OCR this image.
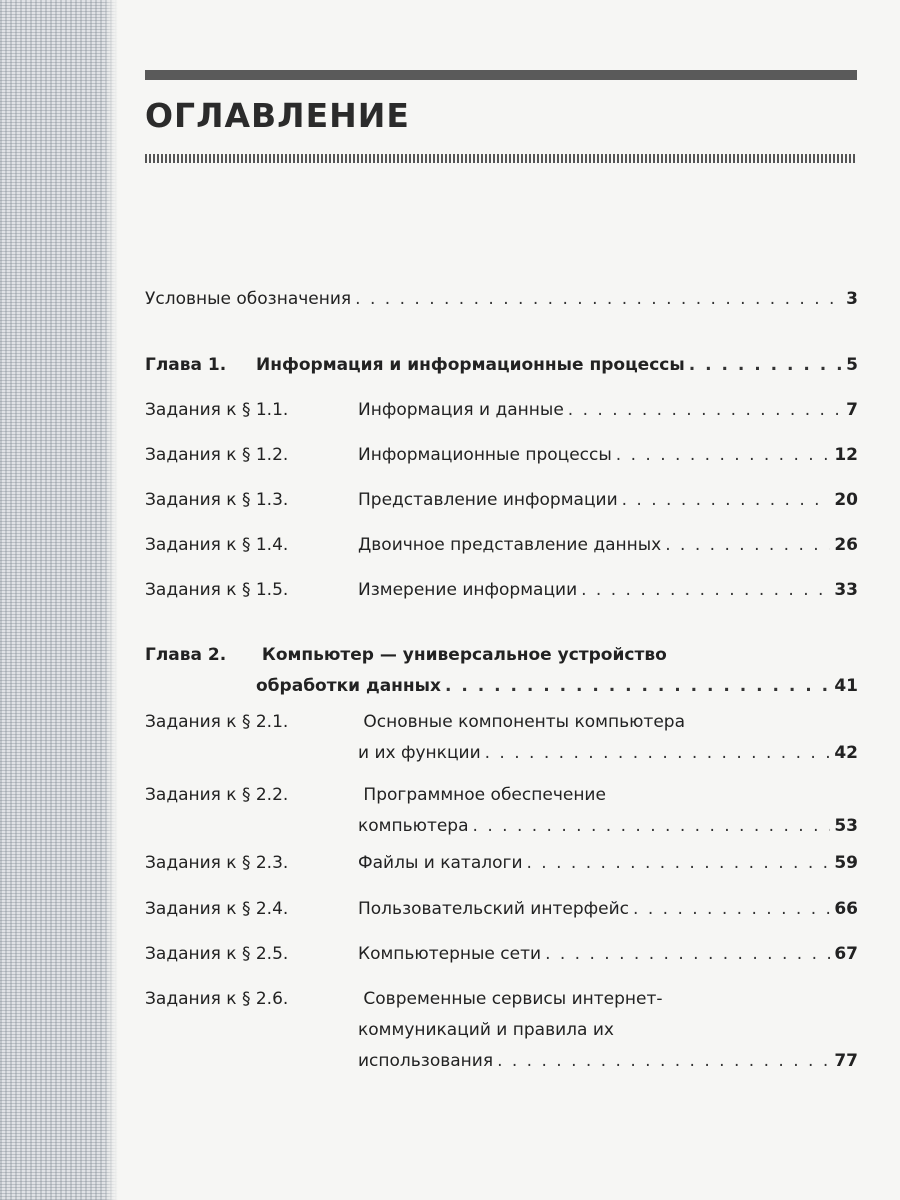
ОГЛАВЛЕНИЕ
Условные обозначения . . .	3
Глава 1.	Информация и информационные процессы . . .	5
Задания к § 1.1.	Информация и данные . . .	7
Задания к § 1.2.	Информационные процессы . . .	12
Задания к § 1.3.	Представление информации . . .	20
Задания к § 1.4.	Двоичное представление данных . . .	26
Задания к § 1.5.	Измерение информации . . .	33
Глава 2. Компьютер — универсальное устройство
обработки данных . . .	41
Задания к § 2.1.	Основные компоненты компьютера
и их функции . . .	42
Задания к § 2.2.	Программное обеспечение
компьютера . . .	53
Задания к § 2.3.	Файлы и каталоги . . .	59
Задания к § 2.4.	Пользовательский интерфейс . . .	66
Задания к § 2.5.	Компьютерные сети . . .	67
Задания к § 2.6.	Современные сервисы интернет-
коммуникаций и правила их
использования . . .	77
